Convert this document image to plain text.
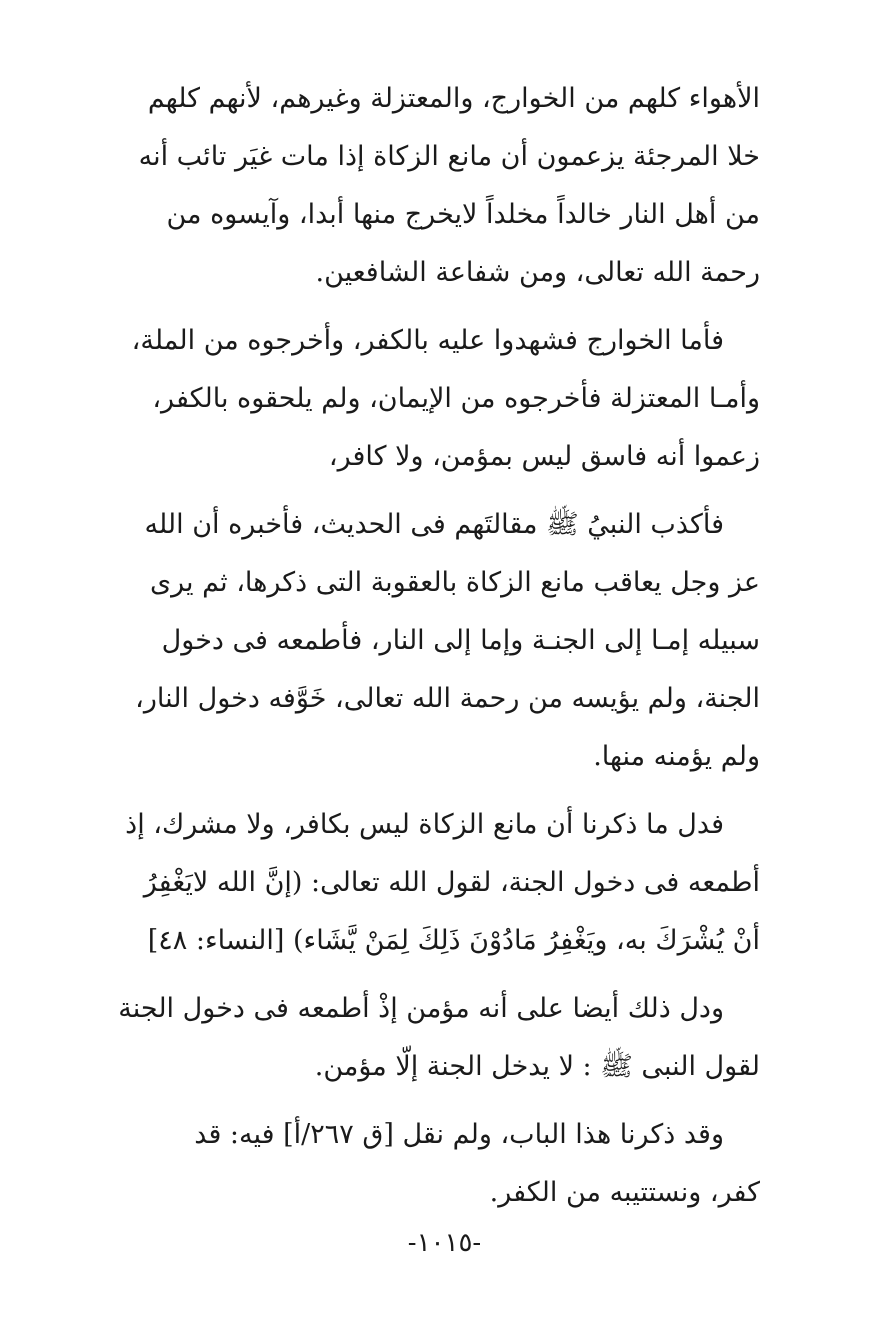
الأهواء كلهم من الخوارج، والمعتزلة وغيرهم، لأنهم كلهم
خلا المرجئة يزعمون أن مانع الزكاة إذا مات غيَر تائب أنه
من أهل النار خالداً مخلداً لايخرج منها أبدا، وآيسوه من
رحمة الله تعالى، ومن شفاعة الشافعين.

فأما الخوارج فشهدوا عليه بالكفر، وأخرجوه من الملة،
وأمـا المعتزلة فأخرجوه من الإيمان، ولم يلحقوه بالكفر،
زعموا أنه فاسق ليس بمؤمن، ولا كافر،

فأكذب النبيُ ﷺ مقالتَهم فى الحديث، فأخبره أن الله
عز وجل يعاقب مانع الزكاة بالعقوبة التى ذكرها، ثم يرى
سبيله إمـا إلى الجنـة وإما إلى النار، فأطمعه فى دخول
الجنة، ولم يؤيسه من رحمة الله تعالى، خَوَّفه دخول النار،
ولم يؤمنه منها.

فدل ما ذكرنا أن مانع الزكاة ليس بكافر، ولا مشرك، إذ
أطمعه فى دخول الجنة، لقول الله تعالى: (إنَّ الله لايَغْفِرُ
أنْ يُشْرَكَ به، ويَغْفِرُ مَادُوْنَ ذَلِكَ لِمَنْ يَّشَاء) [النساء: ٤٨]

ودل ذلك أيضا على أنه مؤمن إذْ أطمعه فى دخول الجنة
لقول النبى ﷺ : لا يدخل الجنة إلّا مؤمن.

وقد ذكرنا هذا الباب، ولم نقل [ق ٢٦٧/أ] فيه: قد
كفر، ونستتيبه من الكفر.

-١٠١٥-
